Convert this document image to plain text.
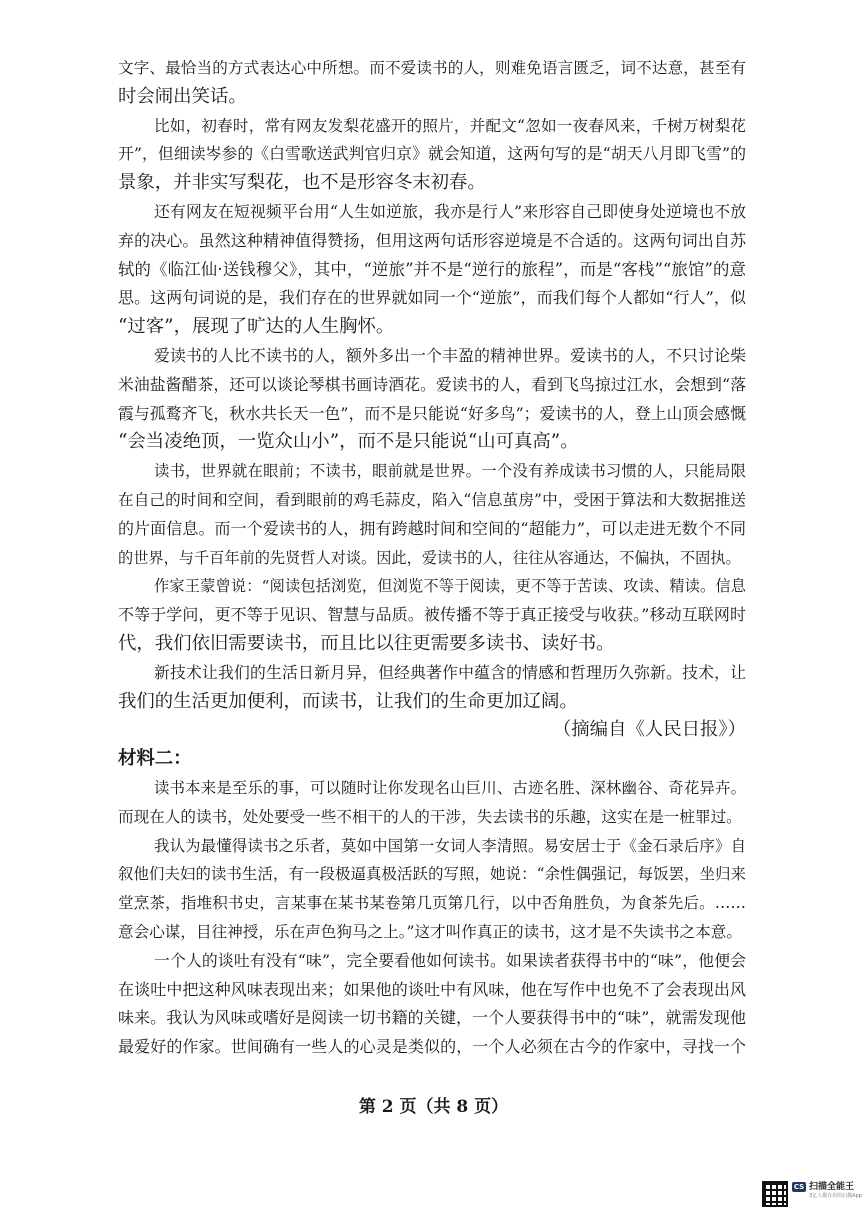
文字、最恰当的方式表达心中所想。而不爱读书的人，则难免语言匮乏，词不达意，甚至有
时会闹出笑话。
比如，初春时，常有网友发梨花盛开的照片，并配文“忽如一夜春风来，千树万树梨花
开”，但细读岑参的《白雪歌送武判官归京》就会知道，这两句写的是“胡天八月即飞雪”的
景象，并非实写梨花，也不是形容冬末初春。
还有网友在短视频平台用“人生如逆旅，我亦是行人”来形容自己即使身处逆境也不放
弃的决心。虽然这种精神值得赞扬，但用这两句话形容逆境是不合适的。这两句词出自苏
轼的《临江仙·送钱穆父》，其中，“逆旅”并不是“逆行的旅程”，而是“客栈”“旅馆”的意
思。这两句词说的是，我们存在的世界就如同一个“逆旅”，而我们每个人都如“行人”，似
“过客”，展现了旷达的人生胸怀。
爱读书的人比不读书的人，额外多出一个丰盈的精神世界。爱读书的人，不只讨论柴
米油盐酱醋茶，还可以谈论琴棋书画诗酒花。爱读书的人，看到飞鸟掠过江水，会想到“落
霞与孤鹜齐飞，秋水共长天一色”，而不是只能说“好多鸟”；爱读书的人，登上山顶会感慨
“会当凌绝顶，一览众山小”，而不是只能说“山可真高”。
读书，世界就在眼前；不读书，眼前就是世界。一个没有养成读书习惯的人，只能局限
在自己的时间和空间，看到眼前的鸡毛蒜皮，陷入“信息茧房”中，受困于算法和大数据推送
的片面信息。而一个爱读书的人，拥有跨越时间和空间的“超能力”，可以走进无数个不同
的世界，与千百年前的先贤哲人对谈。因此，爱读书的人，往往从容通达，不偏执，不固执。
作家王蒙曾说：“阅读包括浏览，但浏览不等于阅读，更不等于苦读、攻读、精读。信息
不等于学问，更不等于见识、智慧与品质。被传播不等于真正接受与收获。”移动互联网时
代，我们依旧需要读书，而且比以往更需要多读书、读好书。
新技术让我们的生活日新月异，但经典著作中蕴含的情感和哲理历久弥新。技术，让
我们的生活更加便利，而读书，让我们的生命更加辽阔。
（摘编自《人民日报》）
材料二：
读书本来是至乐的事，可以随时让你发现名山巨川、古迹名胜、深林幽谷、奇花异卉。
而现在人的读书，处处要受一些不相干的人的干涉，失去读书的乐趣，这实在是一桩罪过。
我认为最懂得读书之乐者，莫如中国第一女词人李清照。易安居士于《金石录后序》自
叙他们夫妇的读书生活，有一段极逼真极活跃的写照，她说：“余性偶强记，每饭罢，坐归来
堂烹茶，指堆积书史，言某事在某书某卷第几页第几行，以中否角胜负，为食茶先后。……
意会心谋，目往神授，乐在声色狗马之上。”这才叫作真正的读书，这才是不失读书之本意。
一个人的谈吐有没有“味”，完全要看他如何读书。如果读者获得书中的“味”，他便会
在谈吐中把这种风味表现出来；如果他的谈吐中有风味，他在写作中也免不了会表现出风
味来。我认为风味或嗜好是阅读一切书籍的关键，一个人要获得书中的“味”，就需发现他
最爱好的作家。世间确有一些人的心灵是类似的，一个人必须在古今的作家中，寻找一个
第 2 页（共 8 页）
CS 扫描全能王
3亿人都在用的扫描App
